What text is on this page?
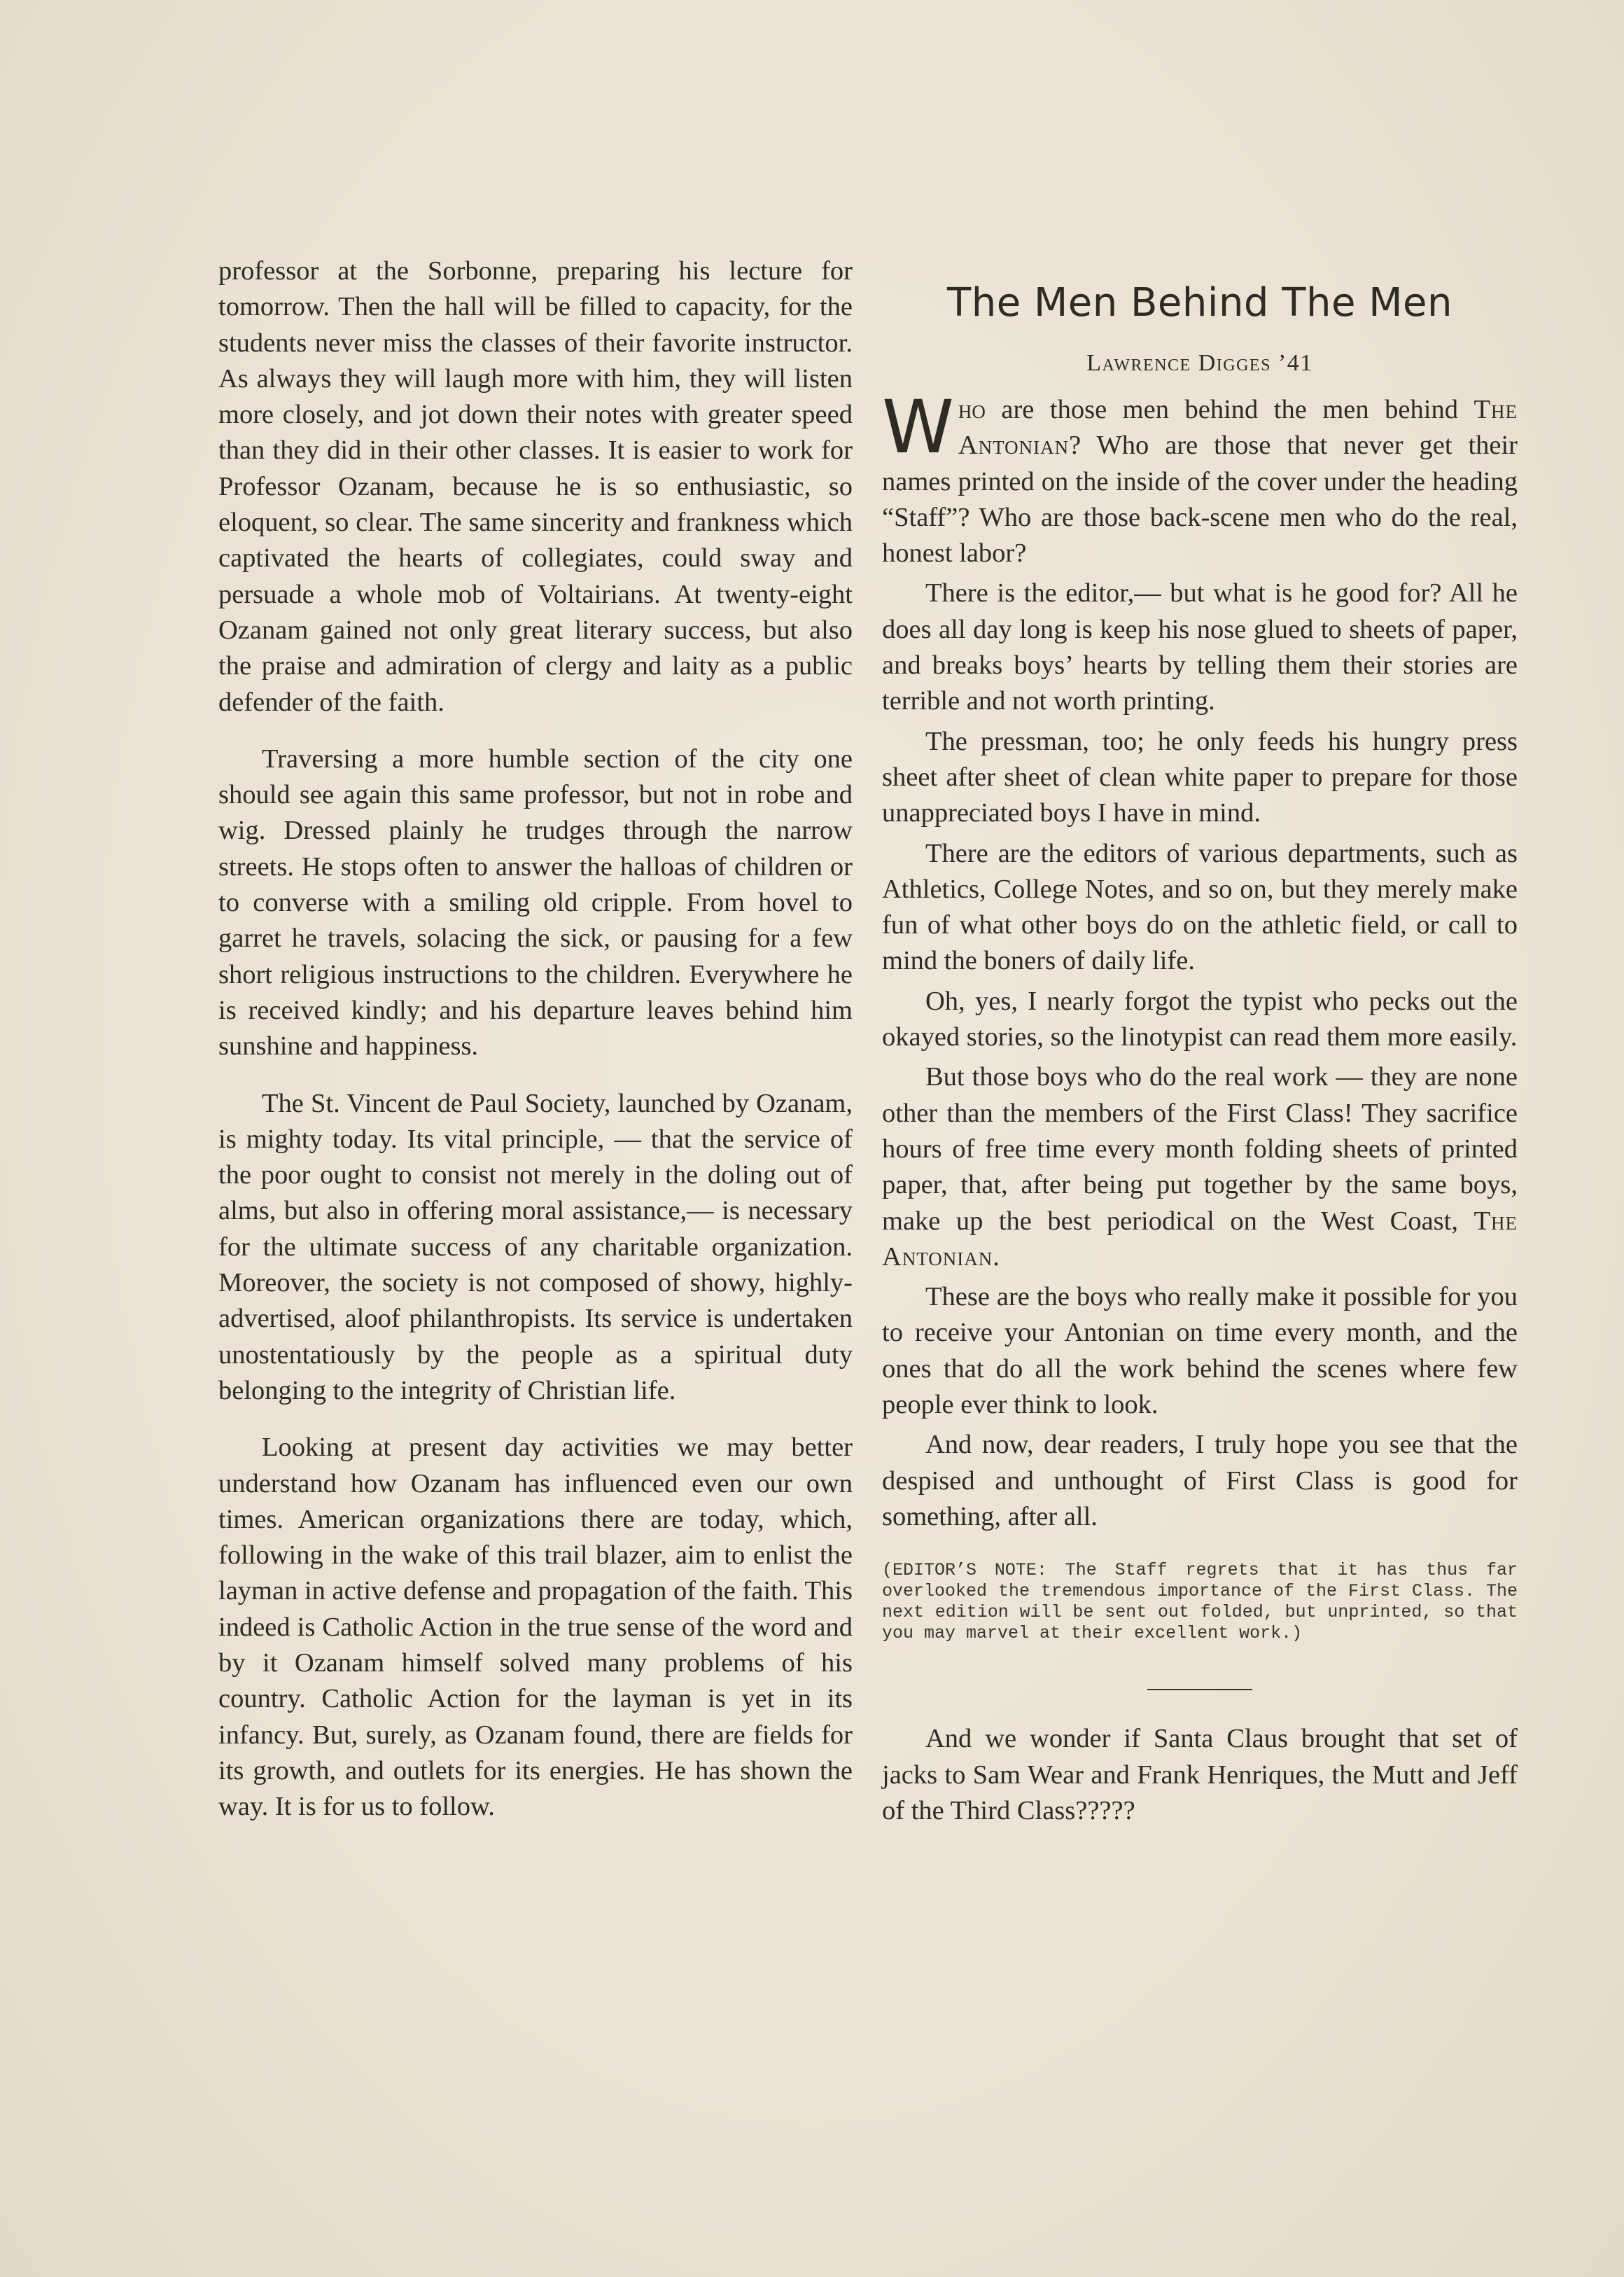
professor at the Sorbonne, preparing his lecture for tomorrow. Then the hall will be filled to capacity, for the students never miss the classes of their favorite instructor. As always they will laugh more with him, they will listen more closely, and jot down their notes with greater speed than they did in their other classes. It is easier to work for Professor Ozanam, because he is so enthusiastic, so eloquent, so clear. The same sincerity and frankness which captivated the hearts of collegiates, could sway and persuade a whole mob of Voltairians. At twenty-eight Ozanam gained not only great literary success, but also the praise and admiration of clergy and laity as a public defender of the faith.

Traversing a more humble section of the city one should see again this same professor, but not in robe and wig. Dressed plainly he trudges through the narrow streets. He stops often to answer the halloas of children or to converse with a smiling old cripple. From hovel to garret he travels, solacing the sick, or pausing for a few short religious instructions to the children. Everywhere he is received kindly; and his departure leaves behind him sunshine and happiness.

The St. Vincent de Paul Society, launched by Ozanam, is mighty today. Its vital principle, — that the service of the poor ought to consist not merely in the doling out of alms, but also in offering moral assistance,— is necessary for the ultimate success of any charitable organization. Moreover, the society is not composed of showy, highly-advertised, aloof philanthropists. Its service is undertaken unostentatiously by the people as a spiritual duty belonging to the integrity of Christian life.

Looking at present day activities we may better understand how Ozanam has influenced even our own times. American organizations there are today, which, following in the wake of this trail blazer, aim to enlist the layman in active defense and propagation of the faith. This indeed is Catholic Action in the true sense of the word and by it Ozanam himself solved many problems of his country. Catholic Action for the layman is yet in its infancy. But, surely, as Ozanam found, there are fields for its growth, and outlets for its energies. He has shown the way. It is for us to follow.

The Men Behind The Men
Lawrence Digges ’41

Who are those men behind the men behind The Antonian? Who are those that never get their names printed on the inside of the cover under the heading “Staff”? Who are those back-scene men who do the real, honest labor?

There is the editor,— but what is he good for? All he does all day long is keep his nose glued to sheets of paper, and breaks boys’ hearts by telling them their stories are terrible and not worth printing.

The pressman, too; he only feeds his hungry press sheet after sheet of clean white paper to prepare for those unappreciated boys I have in mind.

There are the editors of various departments, such as Athletics, College Notes, and so on, but they merely make fun of what other boys do on the athletic field, or call to mind the boners of daily life.

Oh, yes, I nearly forgot the typist who pecks out the okayed stories, so the linotypist can read them more easily.

But those boys who do the real work — they are none other than the members of the First Class! They sacrifice hours of free time every month folding sheets of printed paper, that, after being put together by the same boys, make up the best periodical on the West Coast, The Antonian.

These are the boys who really make it possible for you to receive your Antonian on time every month, and the ones that do all the work behind the scenes where few people ever think to look.

And now, dear readers, I truly hope you see that the despised and unthought of First Class is good for something, after all.

(EDITOR’S NOTE: The Staff regrets that it has thus far overlooked the tremendous importance of the First Class. The next edition will be sent out folded, but unprinted, so that you may marvel at their excellent work.)

And we wonder if Santa Claus brought that set of jacks to Sam Wear and Frank Henriques, the Mutt and Jeff of the Third Class?????
